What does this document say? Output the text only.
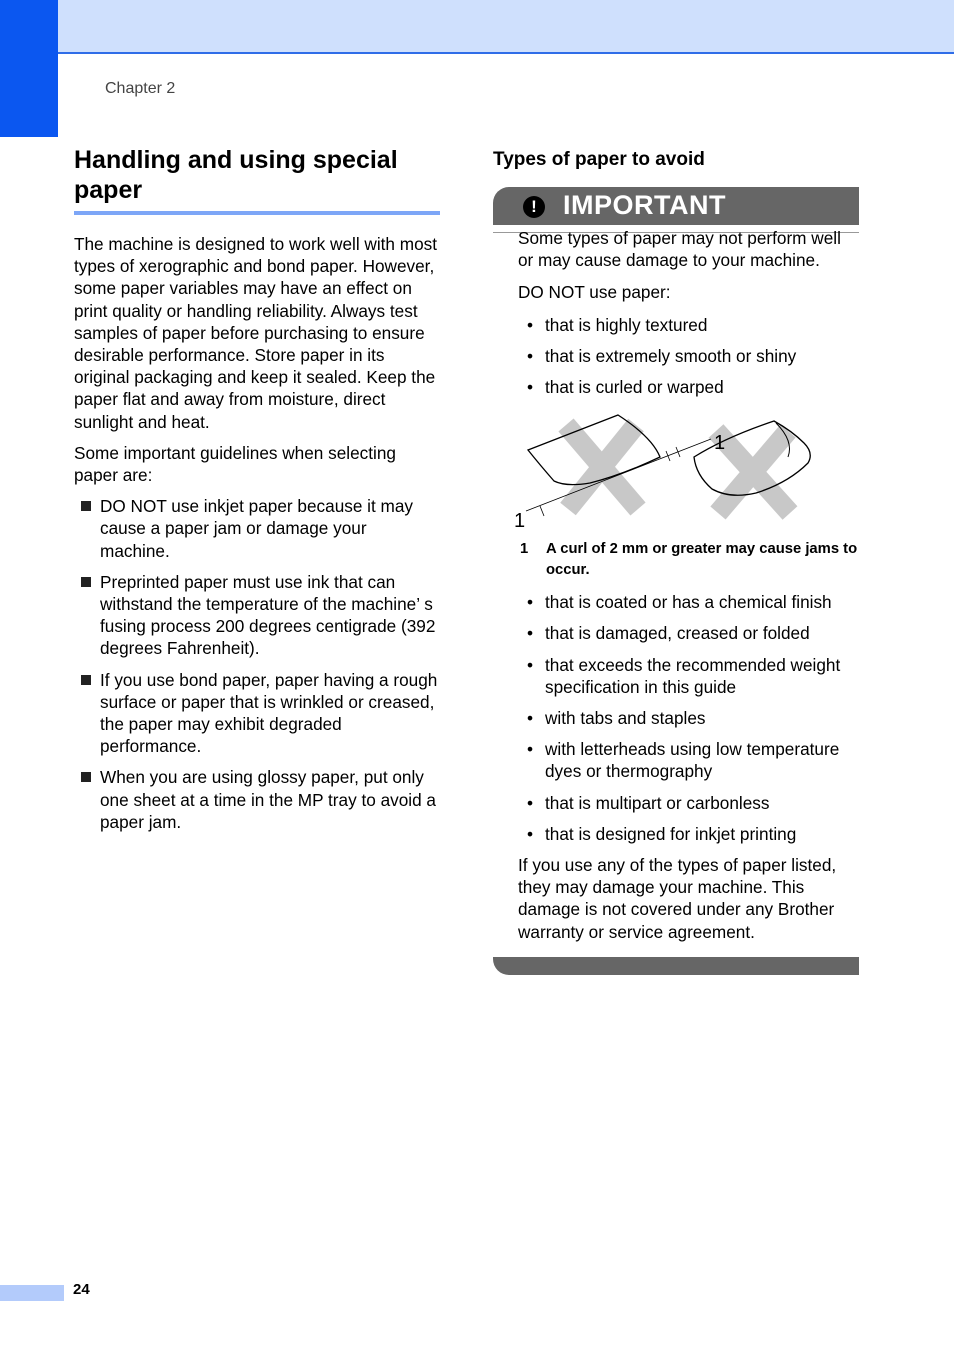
Chapter 2
Handling and using special paper

The machine is designed to work well with most types of xerographic and bond paper. However, some paper variables may have an effect on print quality or handling reliability. Always test samples of paper before purchasing to ensure desirable performance. Store paper in its original packaging and keep it sealed. Keep the paper flat and away from moisture, direct sunlight and heat.

Some important guidelines when selecting paper are:

DO NOT use inkjet paper because it may cause a paper jam or damage your machine.
Preprinted paper must use ink that can withstand the temperature of the machine’ s fusing process 200 degrees centigrade (392 degrees Fahrenheit).
If you use bond paper, paper having a rough surface or paper that is wrinkled or creased, the paper may exhibit degraded performance.
When you are using glossy paper, put only one sheet at a time in the MP tray to avoid a paper jam.
Types of paper to avoid
! IMPORTANT

Some types of paper may not perform well or may cause damage to your machine.

DO NOT use paper:

• that is highly textured
• that is extremely smooth or shiny
• that is curled or warped
1
1
1 A curl of 2 mm or greater may cause jams to occur.
• that is coated or has a chemical finish
• that is damaged, creased or folded
• that exceeds the recommended weight specification in this guide
• with tabs and staples
• with letterheads using low temperature dyes or thermography
• that is multipart or carbonless
• that is designed for inkjet printing

If you use any of the types of paper listed, they may damage your machine. This damage is not covered under any Brother warranty or service agreement.

24
